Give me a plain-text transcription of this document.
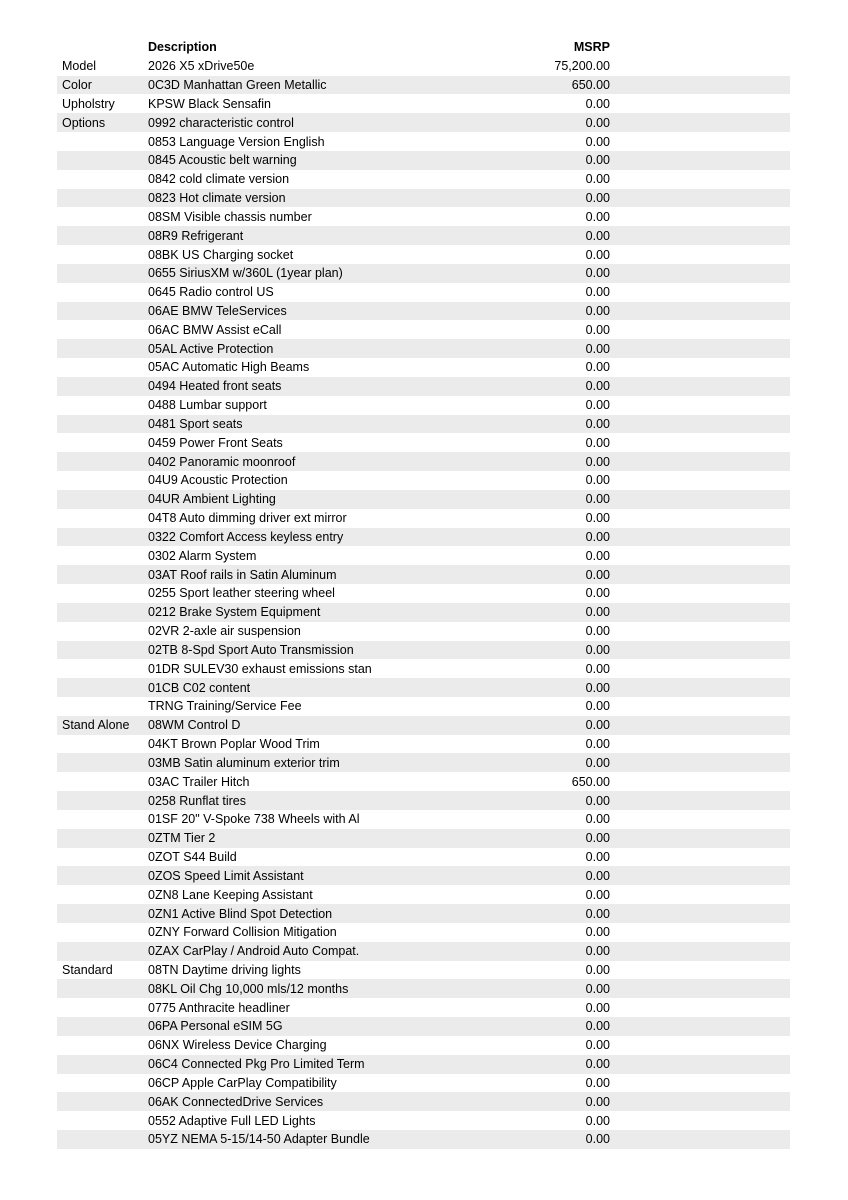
	Description	MSRP	
Model	2026 X5 xDrive50e	75,200.00	
Color	0C3D Manhattan Green Metallic	650.00	
Upholstry	KPSW Black Sensafin	0.00	
Options	0992 characteristic control	0.00	
	0853 Language Version English	0.00	
	0845 Acoustic belt warning	0.00	
	0842 cold climate version	0.00	
	0823 Hot climate version	0.00	
	08SM Visible chassis number	0.00	
	08R9 Refrigerant	0.00	
	08BK US Charging socket	0.00	
	0655 SiriusXM w/360L (1year plan)	0.00	
	0645 Radio control US	0.00	
	06AE BMW TeleServices	0.00	
	06AC BMW Assist eCall	0.00	
	05AL Active Protection	0.00	
	05AC Automatic High Beams	0.00	
	0494 Heated front seats	0.00	
	0488 Lumbar support	0.00	
	0481 Sport seats	0.00	
	0459 Power Front Seats	0.00	
	0402 Panoramic moonroof	0.00	
	04U9 Acoustic Protection	0.00	
	04UR Ambient Lighting	0.00	
	04T8 Auto dimming driver ext mirror	0.00	
	0322 Comfort Access keyless entry	0.00	
	0302 Alarm System	0.00	
	03AT Roof rails in Satin Aluminum	0.00	
	0255 Sport leather steering wheel	0.00	
	0212 Brake System Equipment	0.00	
	02VR 2-axle air suspension	0.00	
	02TB 8-Spd Sport Auto Transmission	0.00	
	01DR SULEV30 exhaust emissions stan	0.00	
	01CB C02 content	0.00	
	TRNG Training/Service Fee	0.00	
Stand Alone	08WM Control D	0.00	
	04KT Brown Poplar Wood Trim	0.00	
	03MB Satin aluminum exterior trim	0.00	
	03AC Trailer Hitch	650.00	
	0258 Runflat tires	0.00	
	01SF 20" V-Spoke 738 Wheels with Al	0.00	
	0ZTM Tier 2	0.00	
	0ZOT S44 Build	0.00	
	0ZOS Speed Limit Assistant	0.00	
	0ZN8 Lane Keeping Assistant	0.00	
	0ZN1 Active Blind Spot Detection	0.00	
	0ZNY Forward Collision Mitigation	0.00	
	0ZAX CarPlay / Android Auto Compat.	0.00	
Standard	08TN Daytime driving lights	0.00	
	08KL Oil Chg 10,000 mls/12 months	0.00	
	0775 Anthracite headliner	0.00	
	06PA Personal eSIM 5G	0.00	
	06NX Wireless Device Charging	0.00	
	06C4 Connected Pkg Pro Limited Term	0.00	
	06CP Apple CarPlay Compatibility	0.00	
	06AK ConnectedDrive Services	0.00	
	0552 Adaptive Full LED Lights	0.00	
	05YZ NEMA 5-15/14-50 Adapter Bundle	0.00	
